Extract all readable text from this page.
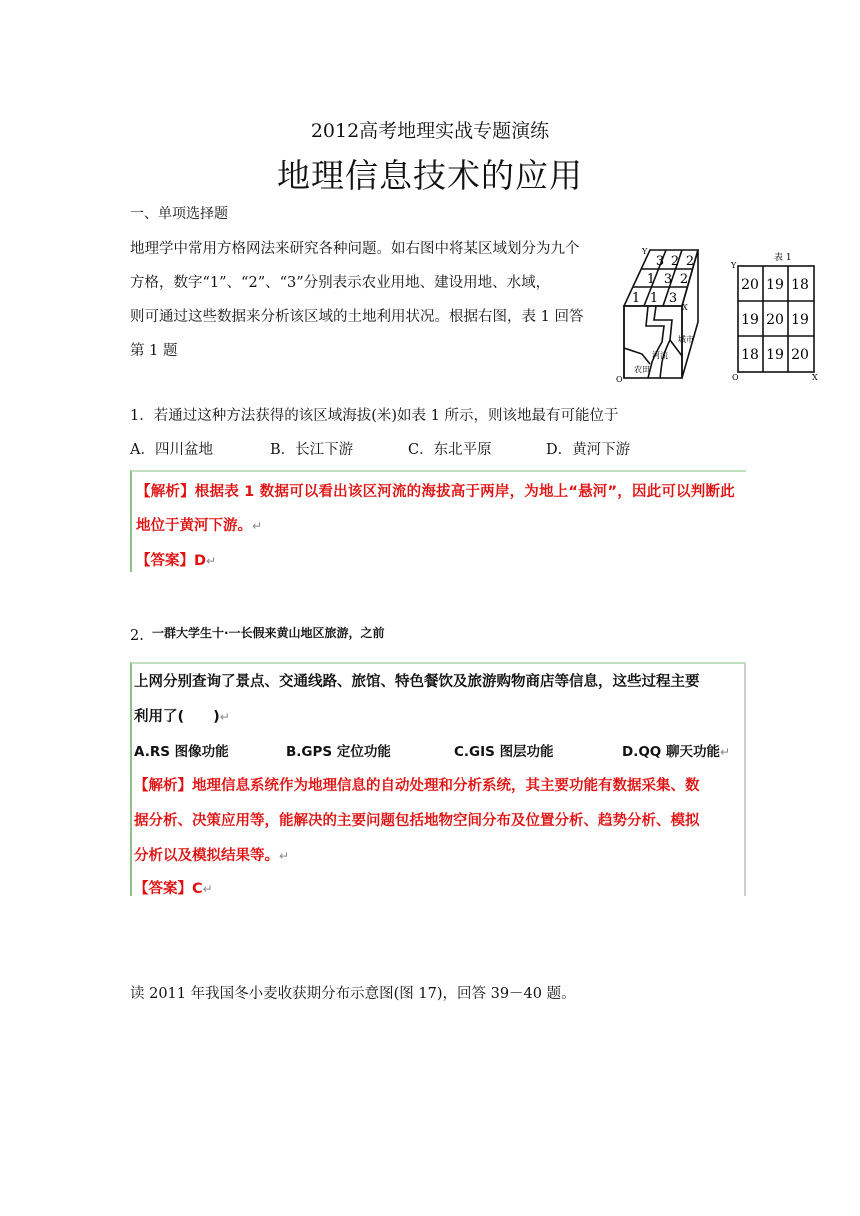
2012高考地理实战专题演练
地理信息技术的应用
一、单项选择题
地理学中常用方格网法来研究各种问题。如右图中将某区域划分为九个
方格，数字“1”、“2”、“3”分别表示农业用地、建设用地、水域，
则可通过这些数据来分析该区域的土地利用状况。根据右图，表 1 回答
第 1 题
Y
O
X
3 2 2
1 3 2
1 1 3
河流
城市
农田
表 1
Y
O	X
20 19 18
19 20 19
18 19 20
1．若通过这种方法获得的该区域海拔(米)如表 1 所示，则该地最有可能位于
A．四川盆地	B．长江下游	C．东北平原	D．黄河下游
【解析】根据表 1 数据可以看出该区河流的海拔高于两岸，为地上“悬河”，因此可以判断此
地位于黄河下游。↵
【答案】D↵
2. 一群大学生十·一长假来黄山地区旅游，之前
上网分别查询了景点、交通线路、旅馆、特色餐饮及旅游购物商店等信息，这些过程主要
利用了(　　)↵
A.RS 图像功能	B.GPS 定位功能	C.GIS 图层功能	D.QQ 聊天功能↵
【解析】地理信息系统作为地理信息的自动处理和分析系统，其主要功能有数据采集、数
据分析、决策应用等，能解决的主要问题包括地物空间分布及位置分析、趋势分析、模拟
分析以及模拟结果等。↵
【答案】C↵
读 2011 年我国冬小麦收获期分布示意图(图 17)，回答 39－40 题。
